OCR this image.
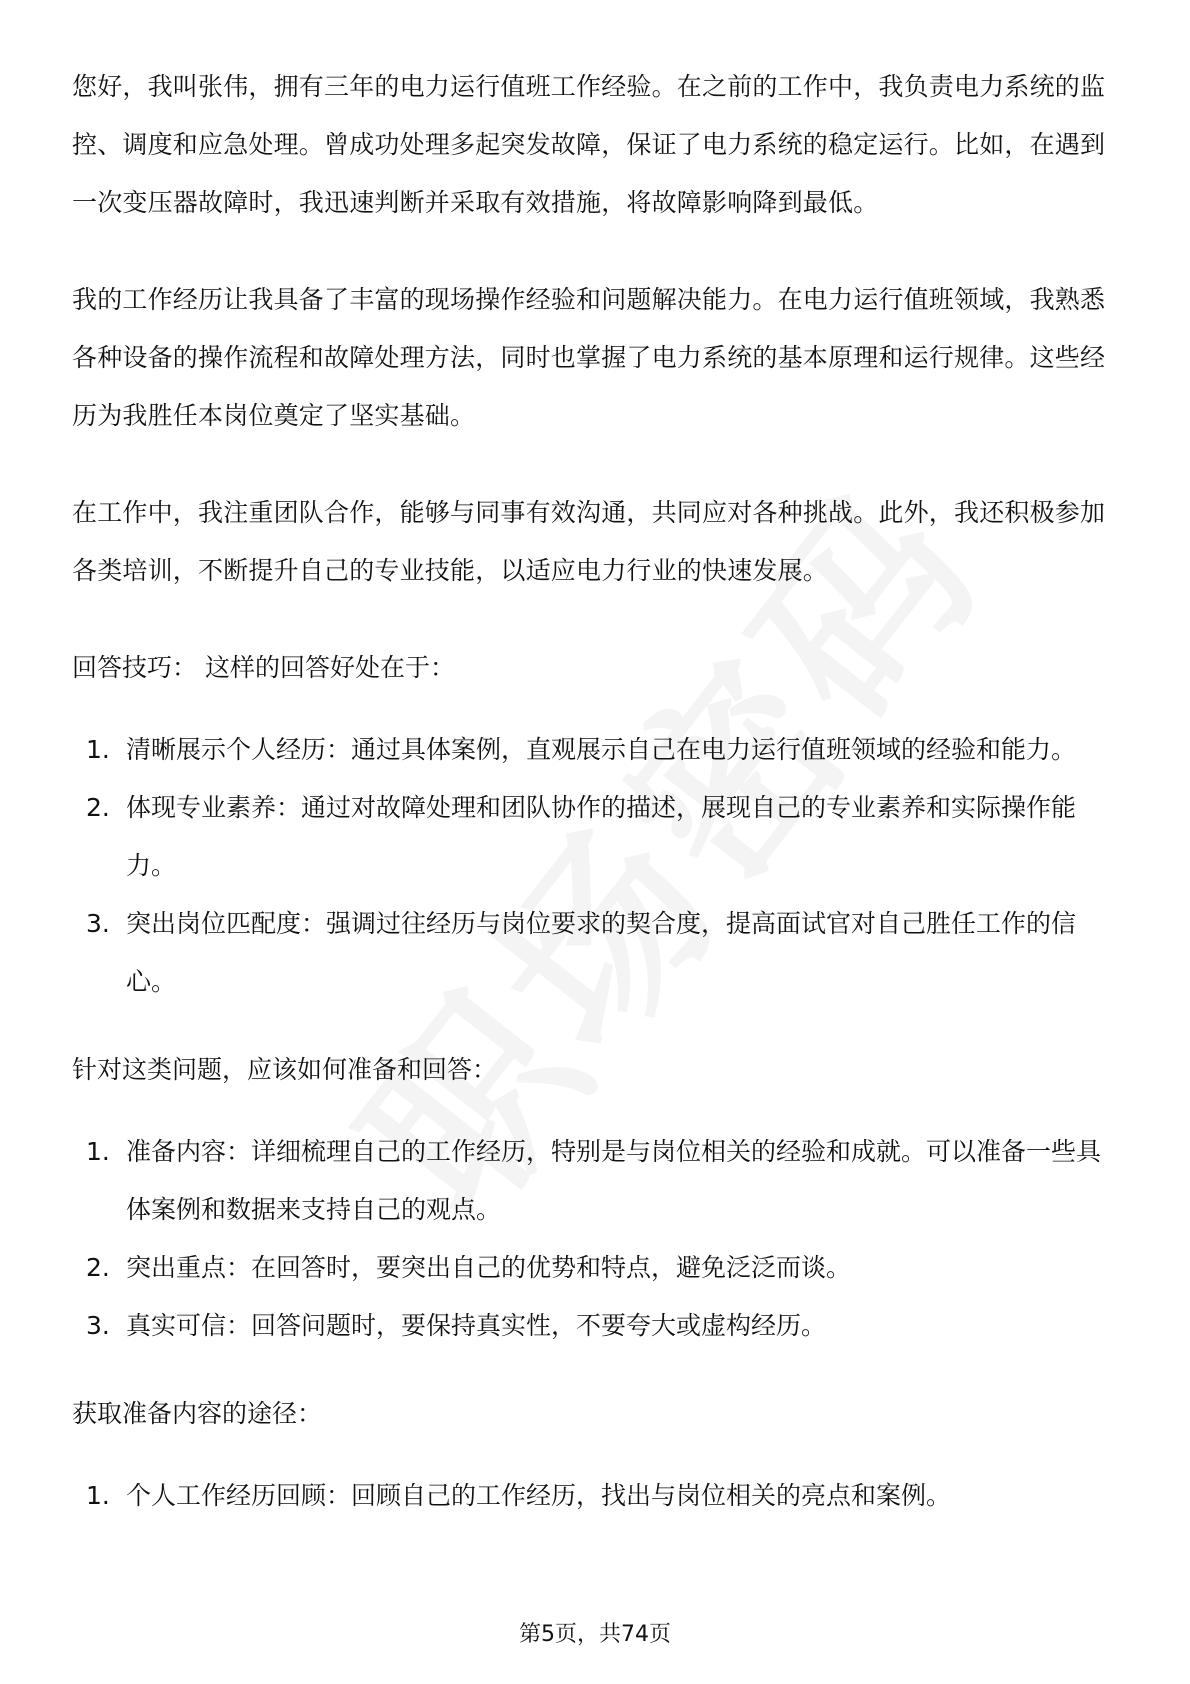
您好，我叫张伟，拥有三年的电力运行值班工作经验。在之前的工作中，我负责电力系统的监控、调度和应急处理。曾成功处理多起突发故障，保证了电力系统的稳定运行。比如，在遇到一次变压器故障时，我迅速判断并采取有效措施，将故障影响降到最低。

我的工作经历让我具备了丰富的现场操作经验和问题解决能力。在电力运行值班领域，我熟悉各种设备的操作流程和故障处理方法，同时也掌握了电力系统的基本原理和运行规律。这些经历为我胜任本岗位奠定了坚实基础。

在工作中，我注重团队合作，能够与同事有效沟通，共同应对各种挑战。此外，我还积极参加各类培训，不断提升自己的专业技能，以适应电力行业的快速发展。

回答技巧： 这样的回答好处在于：

1. 清晰展示个人经历：通过具体案例，直观展示自己在电力运行值班领域的经验和能力。
2. 体现专业素养：通过对故障处理和团队协作的描述，展现自己的专业素养和实际操作能力。
3. 突出岗位匹配度：强调过往经历与岗位要求的契合度，提高面试官对自己胜任工作的信心。

针对这类问题，应该如何准备和回答：

1. 准备内容：详细梳理自己的工作经历，特别是与岗位相关的经验和成就。可以准备一些具体案例和数据来支持自己的观点。
2. 突出重点：在回答时，要突出自己的优势和特点，避免泛泛而谈。
3. 真实可信：回答问题时，要保持真实性，不要夸大或虚构经历。

获取准备内容的途径：

1. 个人工作经历回顾：回顾自己的工作经历，找出与岗位相关的亮点和案例。
第5页，共74页
